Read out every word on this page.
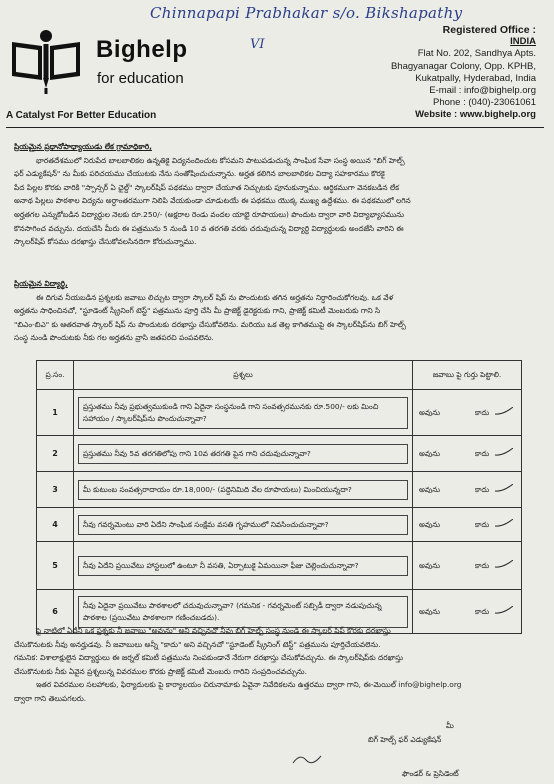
Chinnapapi Prabhakar s/o. Bikshapathy
VI
Bighelp
for education
A Catalyst For Better Education
Registered Office :
INDIA
Flat No. 202, Sandhya Apts.
Bhagyanagar Colony, Opp. KPHB,
Kukatpally, Hyderabad, India
E-mail : info@bighelp.org
Phone : (040)-23061061
Website : www.bighelp.org

ప్రియమైన ప్రధానోపాధ్యాయుడు లేక గ్రామాధికారి,

భారతదేశములో నిరుపేద బాలబాలికల ఉన్నతికై విద్యనందించుట కోసమని పాటుపడుచున్న సాంఘిక సేవా సంస్థ అయిన "బిగ్ హెల్ప్

ఫర్ ఎడ్యుకేషన్" ను మీకు పరిచయము చేయుటకు నేను సంతోషించుచున్నాను. అర్హత కలిగిన బాలబాలికల విద్యా సహకారము కొరకై

పేద పిల్లల కొరకు వారికి "స్పాన్సర్ ఏ ఛైల్డ్" స్కాలర్‌షిప్ పథకము ద్వారా చేయూత నిచ్చుటకు పూనుకున్నాము. ఆర్థికముగా వెనకబడిన లేక

అనాథ పిల్లలు పాఠశాల విద్యను అర్ధాంతరముగా నిలిపి వేయకుండా చూడుటయే ఈ పథకము యొక్క ముఖ్య ఉద్దేశము. ఈ పథకములో లగిన

అర్హతగల ఎన్నుకోబడిన విద్యార్థుల నెలకు రూ.250/- (అక్షరాల రెండు వందల యాభై రూపాయలు) పొందుట ద్వారా వారి విద్యాభ్యాసమును

కొనసాగించ వచ్చును. దయచేసి మీరు ఈ పత్రమును 5 నుండి 10 వ తరగతి వరకు చదువుచున్న విద్యార్థి విద్యార్థులకు అందజేసి వారిని ఈ

స్కాలర్‌షిప్ కోసము దరఖాస్తు చేసుకోవలసినదిగా కోరుచున్నాము.

ప్రియమైన విద్యార్థి,

ఈ దిగువ నీయబడిన ప్రశ్నలకు జవాబు లిచ్చుట ద్వారా స్కాలర్ షిప్ ను పొందుటకు తగిన అర్హతను నిర్ధారించుకోగలవు. ఒక వేళ

అర్హతను సాధించినచో, "స్టూడెంట్ స్క్రీనింగ్ టెస్ట్" పత్రమును పూర్తి చేసి మీ ప్రాజెక్ట్ డైరెక్టరుకు గాని, ప్రాజెక్ట్ కమిటీ మెంబరుకు గాని సి

"బిఎం-బిఎ" కు ఆతరవాత స్కాలర్ షిప్ ను పొందుటకు దరఖాస్తు చేసుకోవలెను. మరియు ఒక తెల్ల కాగితముపై ఈ స్కాలర్‌షిప్‌ను బిగ్ హెల్ప్

సంస్థ నుండి పొందుటకు నీకు గల అర్హతను వ్రాసి జతపరచి పంపవలెను.

ప్ర.సం.	ప్రశ్నలు	జవాబు పై గుర్తు పెట్టాలి.
1	ప్రస్తుతము నీవు ప్రభుత్వముకుండి గాని ఏదైనా సంస్థనుండి గాని సంవత్సరమునకు రూ.500/- లకు మించి సహాయం / స్కాలర్‌షిప్‌ను పొందుచున్నావా?	అవును కాదు

2	ప్రస్తుతము నీవు 5వ తరగతిలోపు గాని 10వ తరగతి పైన గాని చదువుచున్నావా?	అవును కాదు

3	మీ కుటుంబ సంవత్సరాదాయం రూ.18,000/- (పద్దెనిమిది వేల రూపాయలు) మించియున్నదా?	అవును కాదు

4	నీవు గవర్నమెంటు వారి ఏదేని సాంఘిక సంక్షేమ వసతి గృహములో నివసించుచున్నావా?	అవును కాదు

5	నీవు ఏదేని ప్రయివేటు హాస్టలులో ఉంటూ నీ వసతి, ఏర్పాటుకై ఏమయినా ఫీజు చెల్లించుచున్నావా?	అవును కాదు

6	నీవు ఏదైనా ప్రయివేటు పాఠశాలలో చదువుచున్నావా? (గమనిక - గవర్నమెంట్ సబ్సిడీ ద్వారా నడుపుచున్న పాఠశాల (ప్రయివేటు పాఠశాలగా గణించబడదు).	అవును కాదు

పై నాటిలో ఏదేని ఒక ప్రశ్నకు నీ జవాబు "అవును" అని వచ్చినచో నీవు బిగ్ హెల్ప్ సంస్థ నుండి ఈ స్కాలర్ షిప్ కొరకు దరఖాస్తు

చేసుకొనుటకు నీవు అనర్హుడవు. నీ జవాబులు అన్నీ "కాదు" అని వచ్చినచో "స్టూడెంట్ స్క్రీనింగ్ టెస్ట్" పత్రమును పూర్తిచేయవలెను.

గమనిక: విశాలాక్షులైన విద్యార్థులు ఈ జర్నల్ కమిటీ పత్రమును నింపకుండానే నేరుగా దరఖాస్తు చేసుకోవచ్చును. ఈ స్కాలర్‌షిప్‌కు దరఖాస్తు

చేసుకొనుటకు నీకు ఏవైన ప్రశ్నలున్న వివరముల కొరకు ప్రాజెక్ట్ కమిటీ మెంబరు గారిని సంప్రదించవచ్చును.

ఇతర వివరముల సలహాలకు, ఫిర్యాదులకు పై కార్యాలయం చిరునామాకు ఏవైనా నివేదికలను ఉత్తరము ద్వారా గాని, ఈ-మెయిల్ info@bighelp.org

ద్వారా గాని తెలుపగలరు.

మీ
బిగ్ హెల్ప్ ఫర్ ఎడ్యుకేషన్
ఫౌండర్ & ప్రెసిడెంట్
